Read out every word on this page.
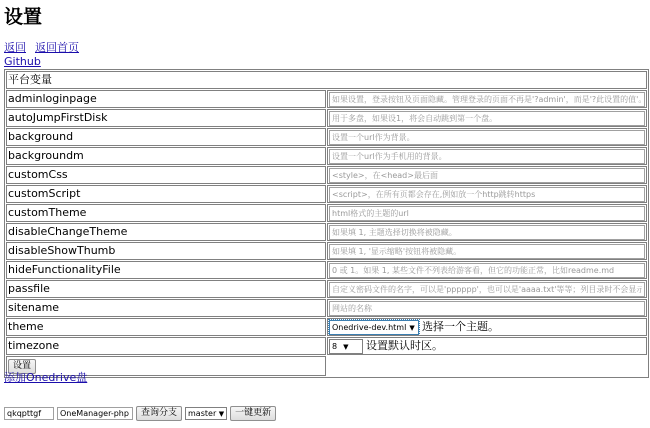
设置
返回 返回首页
Github
平台变量	
adminloginpage	如果设置，登录按钮及页面隐藏。管理登录的页面不再是'?admin'，而是'?此设置的值'。
autoJumpFirstDisk	用于多盘，如果设1，将会自动跳到第一个盘。
background	设置一个url作为背景。
backgroundm	设置一个url作为手机用的背景。
customCss	<style>，在<head>最后面
customScript	<script>，在所有页都会存在,例如放一个http跳转https
customTheme	html格式的主题的url
disableChangeTheme	如果填 1, 主题选择切换将被隐藏。
disableShowThumb	如果填 1, '显示缩略'按钮将被隐藏。
hideFunctionalityFile	0 或 1。如果 1, 某些文件不列表给游客看，但它的功能正常，比如readme.md
passfile	自定义密码文件的名字，可以是'pppppp'，也可以是'aaaa.txt'等等；列目录时不会显示，只有知道密码才能查看或下载此文件。密码是这个
sitename	网站的名称
theme	Onedrive-dev.html ▼ 选择一个主题。
timezone	8 ▼ 设置默认时区。
设置	
添加Onedrive盘
qkqpttgf
OneManager-php
查询分支	master ▼	一键更新
